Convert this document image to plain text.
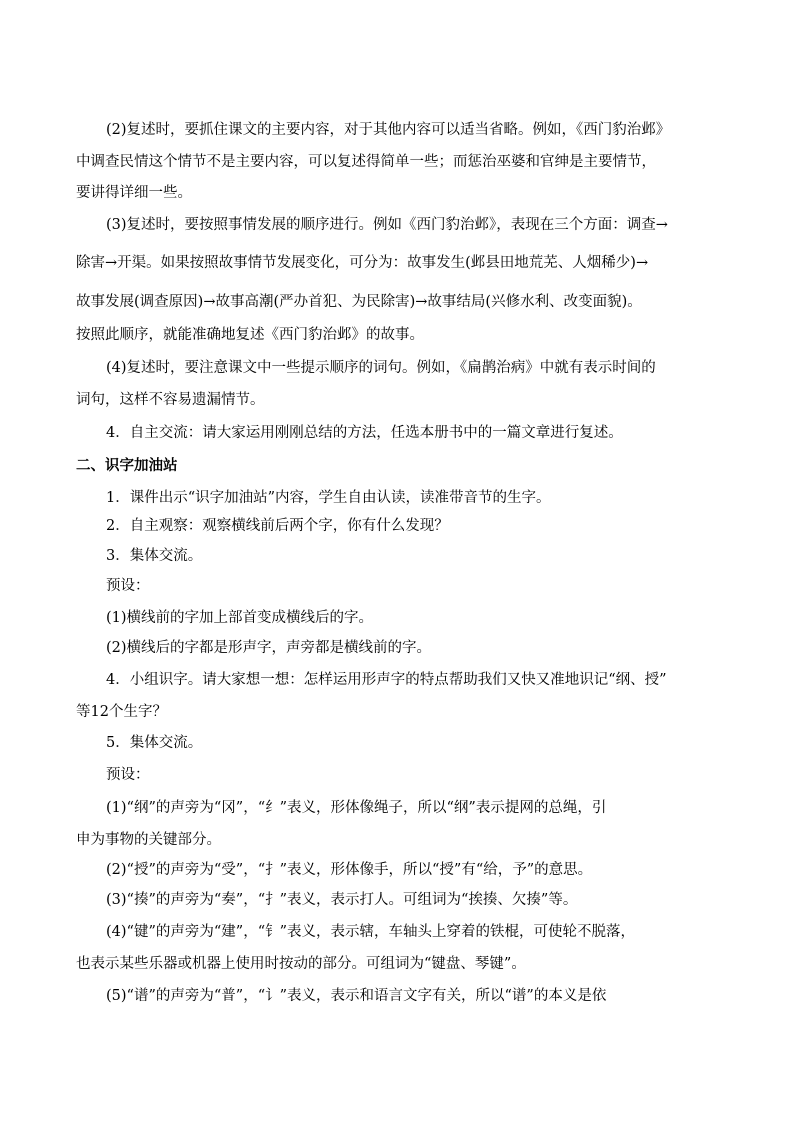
(2)复述时，要抓住课文的主要内容，对于其他内容可以适当省略。例如，《西门豹治邺》
中调查民情这个情节不是主要内容，可以复述得简单一些；而惩治巫婆和官绅是主要情节，
要讲得详细一些。
(3)复述时，要按照事情发展的顺序进行。例如《西门豹治邺》，表现在三个方面：调查→
除害→开渠。如果按照故事情节发展变化，可分为：故事发生(邺县田地荒芜、人烟稀少)→
故事发展(调查原因)→故事高潮(严办首犯、为民除害)→故事结局(兴修水利、改变面貌)。
按照此顺序，就能准确地复述《西门豹治邺》的故事。
(4)复述时，要注意课文中一些提示顺序的词句。例如，《扁鹊治病》中就有表示时间的
词句，这样不容易遗漏情节。
4．自主交流：请大家运用刚刚总结的方法，任选本册书中的一篇文章进行复述。
二、识字加油站
1．课件出示“识字加油站”内容，学生自由认读，读准带音节的生字。
2．自主观察：观察横线前后两个字，你有什么发现？
3．集体交流。
预设：
(1)横线前的字加上部首变成横线后的字。
(2)横线后的字都是形声字，声旁都是横线前的字。
4．小组识字。请大家想一想：怎样运用形声字的特点帮助我们又快又准地识记“纲、授”
等12个生字？
5．集体交流。
预设：
(1)“纲”的声旁为“冈”，“纟”表义，形体像绳子，所以“纲”表示提网的总绳，引
申为事物的关键部分。
(2)“授”的声旁为“受”，“扌”表义，形体像手，所以“授”有“给，予”的意思。
(3)“揍”的声旁为“奏”，“扌”表义，表示打人。可组词为“挨揍、欠揍”等。
(4)“键”的声旁为“建”，“钅”表义，表示辖，车轴头上穿着的铁棍，可使轮不脱落，
也表示某些乐器或机器上使用时按动的部分。可组词为“键盘、琴键”。
(5)“谱”的声旁为“普”，“讠”表义，表示和语言文字有关，所以“谱”的本义是依
